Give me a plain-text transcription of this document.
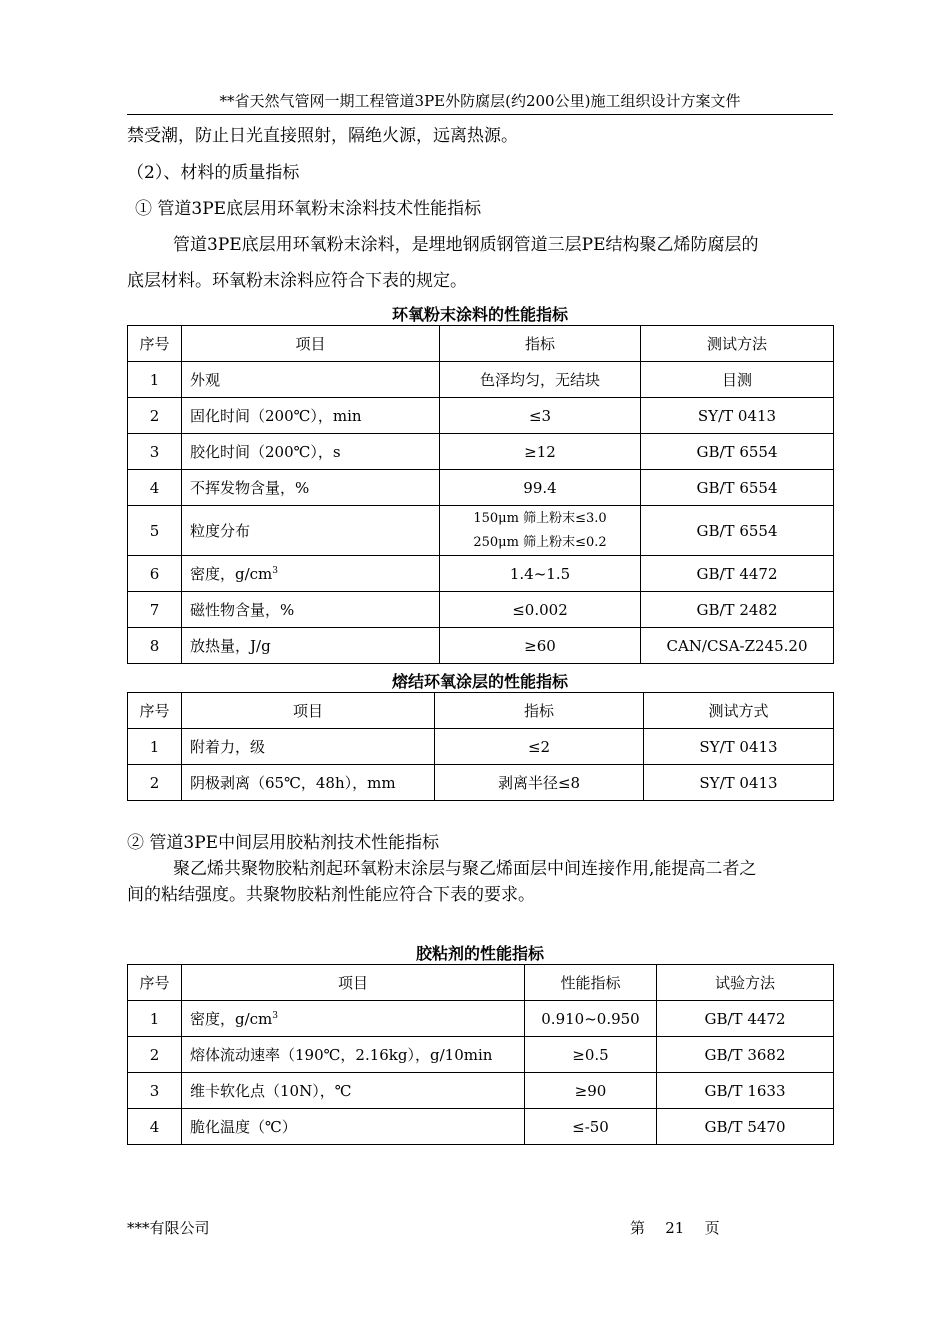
**省天然气管网一期工程管道3PE外防腐层(约200公里)施工组织设计方案文件
禁受潮，防止日光直接照射，隔绝火源，远离热源。
（2）、材料的质量指标
① 管道3PE底层用环氧粉末涂料技术性能指标
管道3PE底层用环氧粉末涂料，是埋地钢质钢管道三层PE结构聚乙烯防腐层的
底层材料。环氧粉末涂料应符合下表的规定。
环氧粉末涂料的性能指标
序号	项目	指标	测试方法
1	外观	色泽均匀，无结块	目测
2	固化时间（200℃），min	≤3	SY/T 0413
3	胶化时间（200℃），s	≥12	GB/T 6554
4	不挥发物含量，%	99.4	GB/T 6554
5	粒度分布	150μm 筛上粉末≤3.0
250μm 筛上粉末≤0.2	GB/T 6554
6	密度，$g/cm^3$	1.4~1.5	GB/T 4472
7	磁性物含量，%	≤0.002	GB/T 2482
8	放热量，J/g	≥60	CAN/CSA-Z245.20
熔结环氧涂层的性能指标
序号	项目	指标	测试方式
1	附着力，级	≤2	SY/T 0413
2	阴极剥离（65℃，48h），mm	剥离半径≤8	SY/T 0413
② 管道3PE中间层用胶粘剂技术性能指标
聚乙烯共聚物胶粘剂起环氧粉末涂层与聚乙烯面层中间连接作用,能提高二者之
间的粘结强度。共聚物胶粘剂性能应符合下表的要求。
胶粘剂的性能指标
序号	项目	性能指标	试验方法
1	密度，$g/cm^3$	0.910~0.950	GB/T 4472
2	熔体流动速率（190℃，2.16kg），g/10min	≥0.5	GB/T 3682
3	维卡软化点（10N），℃	≥90	GB/T 1633
4	脆化温度（℃）	≤-50	GB/T 5470
***有限公司	第 21 页
